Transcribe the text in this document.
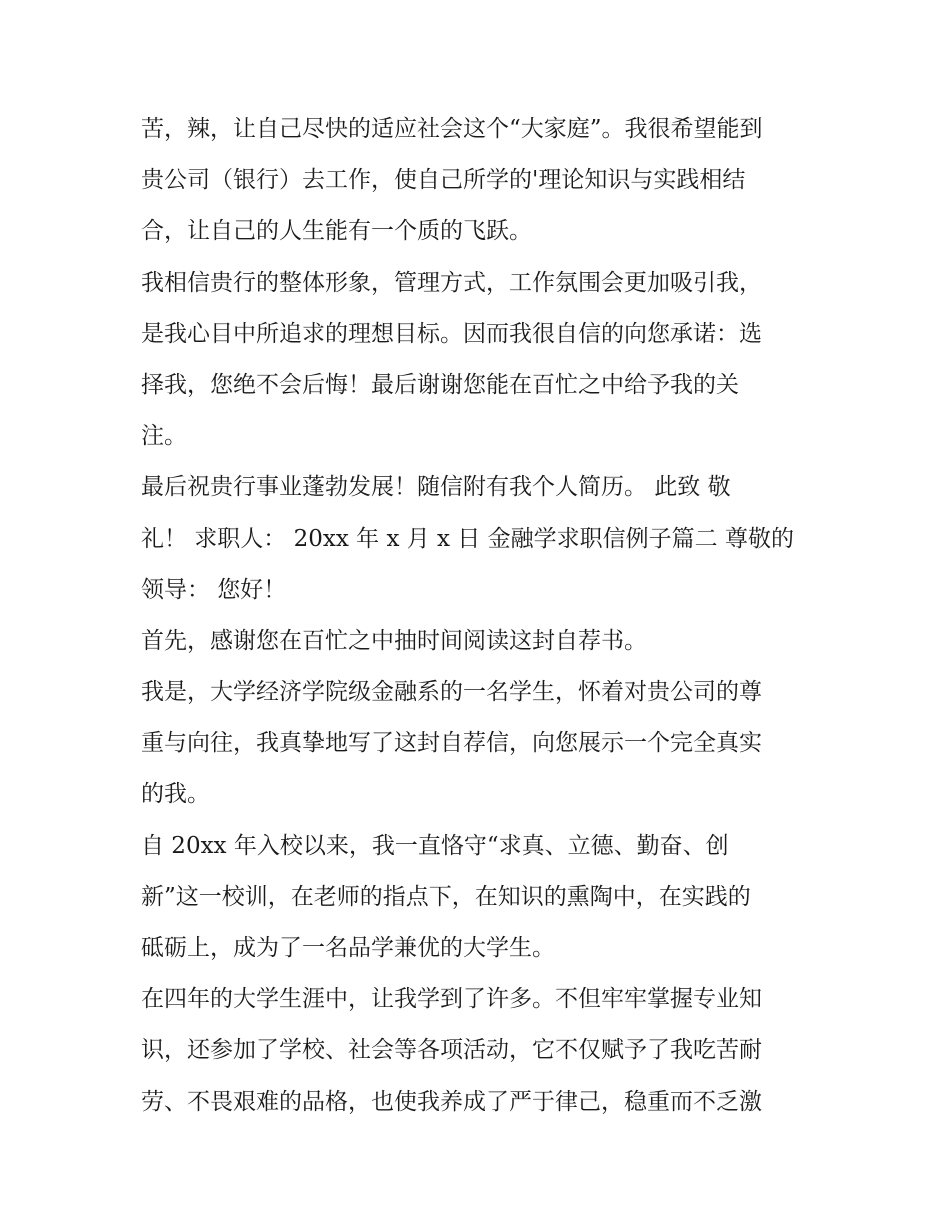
苦，辣，让自己尽快的适应社会这个“大家庭”。我很希望能到
贵公司（银行）去工作，使自己所学的'理论知识与实践相结
合，让自己的人生能有一个质的飞跃。
我相信贵行的整体形象，管理方式，工作氛围会更加吸引我，
是我心目中所追求的理想目标。因而我很自信的向您承诺：选
择我，您绝不会后悔！最后谢谢您能在百忙之中给予我的关
注。
最后祝贵行事业蓬勃发展！随信附有我个人简历。 此致 敬
礼！ 求职人： 20xx 年 x 月 x 日 金融学求职信例子篇二 尊敬的
领导： 您好！
首先，感谢您在百忙之中抽时间阅读这封自荐书。
我是，大学经济学院级金融系的一名学生，怀着对贵公司的尊
重与向往，我真挚地写了这封自荐信，向您展示一个完全真实
的我。
自 20xx 年入校以来，我一直恪守“求真、立德、勤奋、创
新”这一校训，在老师的指点下，在知识的熏陶中，在实践的
砥砺上，成为了一名品学兼优的大学生。
在四年的大学生涯中，让我学到了许多。不但牢牢掌握专业知
识，还参加了学校、社会等各项活动，它不仅赋予了我吃苦耐
劳、不畏艰难的品格，也使我养成了严于律己，稳重而不乏激
